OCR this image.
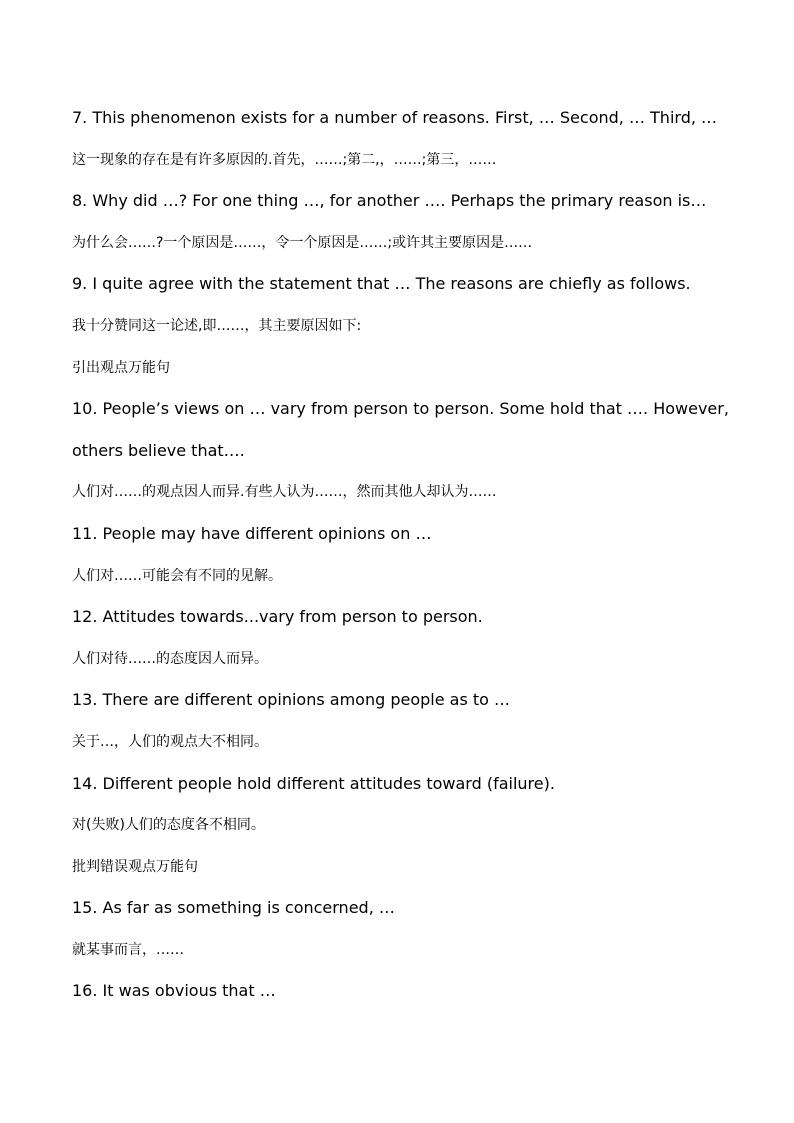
7. This phenomenon exists for a number of reasons. First, … Second, … Third, …

这一现象的存在是有许多原因的.首先，……;第二,，……;第三，……

8. Why did …? For one thing …, for another …. Perhaps the primary reason is…

为什么会……?一个原因是……，令一个原因是……;或许其主要原因是……

9. I quite agree with the statement that … The reasons are chiefly as follows.

我十分赞同这一论述,即……，其主要原因如下:

引出观点万能句

10. People’s views on … vary from person to person. Some hold that …. However,

others believe that….

人们对……的观点因人而异.有些人认为……，然而其他人却认为……

11. People may have different opinions on …

人们对……可能会有不同的见解。

12. Attitudes towards...vary from person to person.

人们对待……的态度因人而异。

13. There are different opinions among people as to …

关于…，人们的观点大不相同。

14. Different people hold different attitudes toward (failure).

对(失败)人们的态度各不相同。

批判错误观点万能句

15. As far as something is concerned, …

就某事而言，……

16. It was obvious that …
